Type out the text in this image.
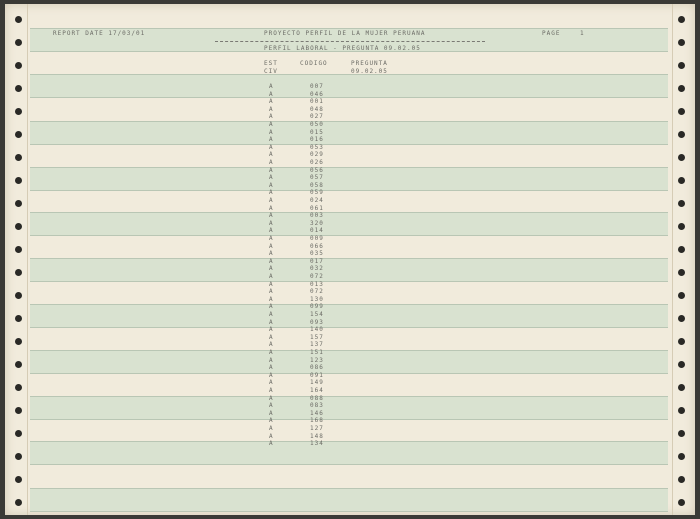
REPORT DATE 17/03/01	PROYECTO PERFIL DE LA MUJER PERUANA	PAGE	1
PERFIL LABORAL - PREGUNTA 09.02.05
EST
CIV
CODIGO	PREGUNTA
09.02.05
A	007
A	046
A	001
A	048
A	027
A	050
A	015
A	016
A	053
A	029
A	026
A	056
A	057
A	058
A	059
A	024
A	061
A	003
A	320
A	014
A	009
A	066
A	035
A	017
A	032
A	072
A	013
A	072
A	130
A	099
A	154
A	093
A	140
A	157
A	137
A	151
A	123
A	086
A	091
A	149
A	164
A	088
A	083
A	146
A	168
A	127
A	148
A	134
